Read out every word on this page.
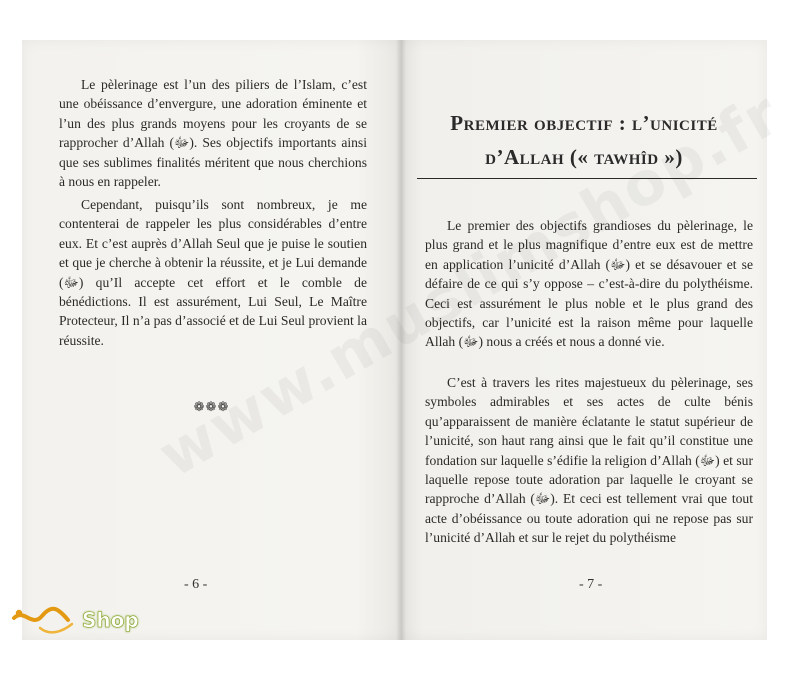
Le pèlerinage est l’un des piliers de l’Islam, c’est une obéissance d’envergure, une adoration éminente et l’un des plus grands moyens pour les croyants de se rapprocher d’Allah (ﷻ). Ses objectifs importants ainsi que ses sublimes finalités méritent que nous cherchions à nous en rappeler.

Cependant, puisqu’ils sont nombreux, je me contenterai de rappeler les plus considérables d’entre eux. Et c’est auprès d’Allah Seul que je puise le soutien et que je cherche à obtenir la réussite, et je Lui demande (ﷻ) qu’Il accepte cet effort et le comble de bénédictions. Il est assurément, Lui Seul, Le Maître Protecteur, Il n’a pas d’associé et de Lui Seul provient la réussite.

❁❁❁
- 6 -
Premier objectif : l’unicité
d’Allah (« tawhîd »)

Le premier des objectifs grandioses du pèlerinage, le plus grand et le plus magnifique d’entre eux est de mettre en application l’unicité d’Allah (ﷻ) et se désavouer et se défaire de ce qui s’y oppose – c’est-à-dire du polythéisme. Ceci est assurément le plus noble et le plus grand des objectifs, car l’unicité est la raison même pour laquelle Allah (ﷻ) nous a créés et nous a donné vie.

C’est à travers les rites majestueux du pèlerinage, ses symboles admirables et ses actes de culte bénis qu’apparaissent de manière éclatante le statut supérieur de l’unicité, son haut rang ainsi que le fait qu’il constitue une fondation sur laquelle s’édifie la religion d’Allah (ﷻ) et sur laquelle repose toute adoration par laquelle le croyant se rapproche d’Allah (ﷻ). Et ceci est tellement vrai que tout acte d’obéissance ou toute adoration qui ne repose pas sur l’unicité d’Allah et sur le rejet du polythéisme

- 7 -
Shop
